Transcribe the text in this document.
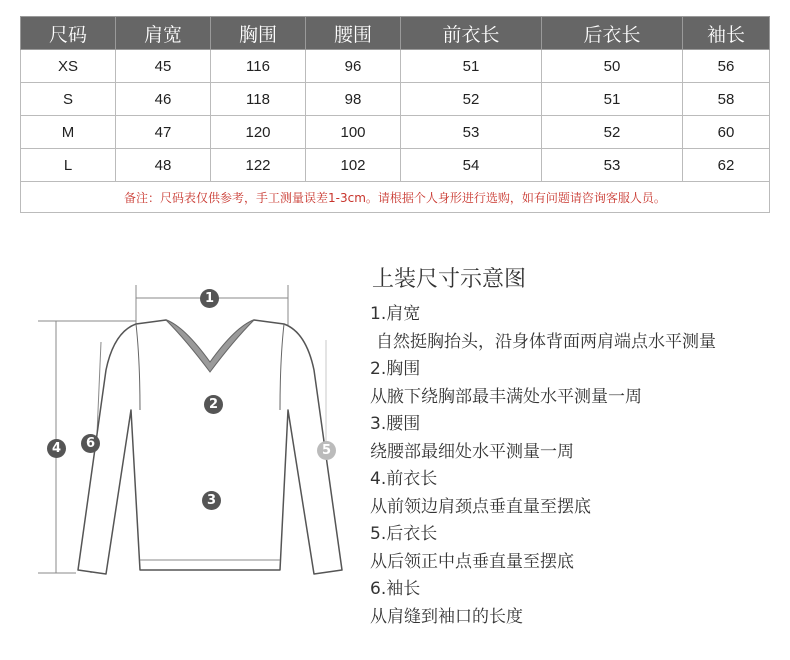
尺码	肩宽	胸围	腰围	前衣长	后衣长	袖长
XS	45	116	96	51	50	56
S	46	118	98	52	51	58
M	47	120	100	53	52	60
L	48	122	102	54	53	62
备注：尺码表仅供参考，手工测量误差1-3cm。请根据个人身形进行选购，如有问题请咨询客服人员。						
1
2
3
4	5
6
上装尺寸示意图
1.肩宽
自然挺胸抬头，沿身体背面两肩端点水平测量
2.胸围
从腋下绕胸部最丰满处水平测量一周
3.腰围
绕腰部最细处水平测量一周
4.前衣长
从前领边肩颈点垂直量至摆底
5.后衣长
从后领正中点垂直量至摆底
6.袖长
从肩缝到袖口的长度
